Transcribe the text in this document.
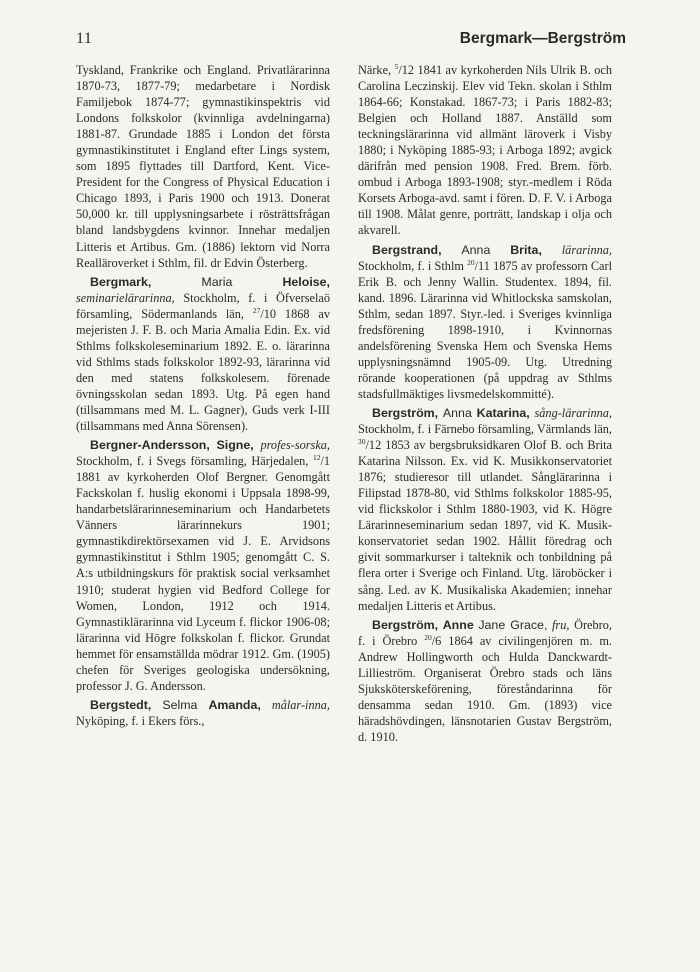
11	Bergmark—Bergström

Tyskland, Frankrike och England. Privatlärarinna 1870-73, 1877-79; medarbetare i Nordisk Familjebok 1874-77; gymnastikinspektris vid Londons folkskolor (kvinnliga avdelningarna) 1881-87. Grundade 1885 i London det första gymnastikinstitutet i England efter Lings system, som 1895 flyttades till Dartford, Kent. Vice-President for the Congress of Physical Education i Chicago 1893, i Paris 1900 och 1913. Donerat 50,000 kr. till upplysningsarbete i rösträttsfrågan bland landsbygdens kvinnor. Innehar medaljen Litteris et Artibus. Gm. (1886) lektorn vid Norra Realläroverket i Sthlm, fil. dr Edvin Österberg.

Bergmark,	Maria	Heloise, seminarielärarinna, Stockholm, f. i Öfverselaö församling, Södermanlands län, $^{27}$/10 1868 av mejeristen J. F. B. och Maria Amalia Edin. Ex. vid Sthlms folkskoleseminarium 1892. E. o. lärarinna vid Sthlms stads folkskolor 1892-93, lärarinna vid den med statens folkskolesem. förenade övningsskolan sedan 1893. Utg. På egen hand (tillsammans med M. L. Gagner), Guds verk I-III (tillsammans med Anna Sörensen).

Bergner-Andersson, Signe, profes-sorska, Stockholm, f. i Svegs församling, Härjedalen, $^{12}$/1 1881 av kyrkoherden Olof Bergner. Genomgått Fackskolan f. huslig ekonomi i Uppsala 1898-99, handarbetslärarinneseminarium och Handarbetets Vänners lärarinnekurs 1901; gymnastikdirektörsexamen vid J. E. Arvidsons gymnastikinstitut i Sthlm 1905; genomgått C. S. A:s utbildningskurs för praktisk social verksamhet 1910; studerat hygien vid Bedford College for Women, London, 1912 och 1914. Gymnastiklärarinna vid Lyceum f. flickor 1906-08; lärarinna vid Högre folkskolan f. flickor. Grundat hemmet för ensamställda mödrar 1912. Gm. (1905) chefen för Sveriges geologiska undersökning, professor J. G. Andersson.

Bergstedt, Selma Amanda, målar-inna, Nyköping, f. i Ekers förs.,

Närke, $^5$/12 1841 av kyrkoherden Nils Ulrik B. och Carolina Leczinskij. Elev vid Tekn. skolan i Sthlm 1864-66; Konstakad. 1867-73; i Paris 1882-83; Belgien och Holland 1887. Anställd som teckningslärarinna vid allmänt läroverk i Visby 1880; i Nyköping 1885-93; i Arboga 1892; avgick därifrån med pension 1908. Fred. Brem. förb. ombud i Arboga 1893-1908; styr.-medlem i Röda Korsets Arboga-avd. samt i fören. D. F. V. i Arboga till 1908. Målat genre, porträtt, landskap i olja och akvarell.

Bergstrand, Anna Brita, lärarinna, Stockholm, f. i Sthlm $^{20}$/11 1875 av professorn Carl Erik B. och Jenny Wallin. Studentex. 1894, fil. kand. 1896. Lärarinna vid Whitlockska samskolan, Sthlm, sedan 1897. Styr.-led. i Sveriges kvinnliga fredsförening 1898-1910, i Kvinnornas andelsförening Svenska Hem och Svenska Hems upplysningsnämnd 1905-09. Utg. Utredning rörande kooperationen (på uppdrag av Sthlms stadsfullmäktiges livsmedelskommitté).

Bergström, Anna Katarina, sång-lärarinna, Stockholm, f. i Färnebo församling, Värmlands län, $^{30}$/12 1853 av bergsbruksidkaren Olof B. och Brita Katarina Nilsson. Ex. vid K. Musikkonservatoriet 1876; studieresor till utlandet. Sånglärarinna i Filipstad 1878-80, vid Sthlms folkskolor 1885-95, vid flickskolor i Sthlm 1880-1903, vid K. Högre Lärarinneseminarium sedan 1897, vid K. Musik-konservatoriet sedan 1902. Hållit föredrag och givit sommarkurser i talteknik och tonbildning på flera orter i Sverige och Finland. Utg. läroböcker i sång. Led. av K. Musikaliska Akademien; innehar medaljen Litteris et Artibus.

Bergström, Anne Jane Grace, fru, Örebro, f. i Örebro $^{20}$/6 1864 av civilingenjören m. m. Andrew Hollingworth och Hulda Danckwardt-Lillieström. Organiserat Örebro stads och läns Sjuksköterskeförening, föreståndarinna för densamma sedan 1910. Gm. (1893) vice häradshövdingen, länsnotarien Gustav Bergström, d. 1910.
